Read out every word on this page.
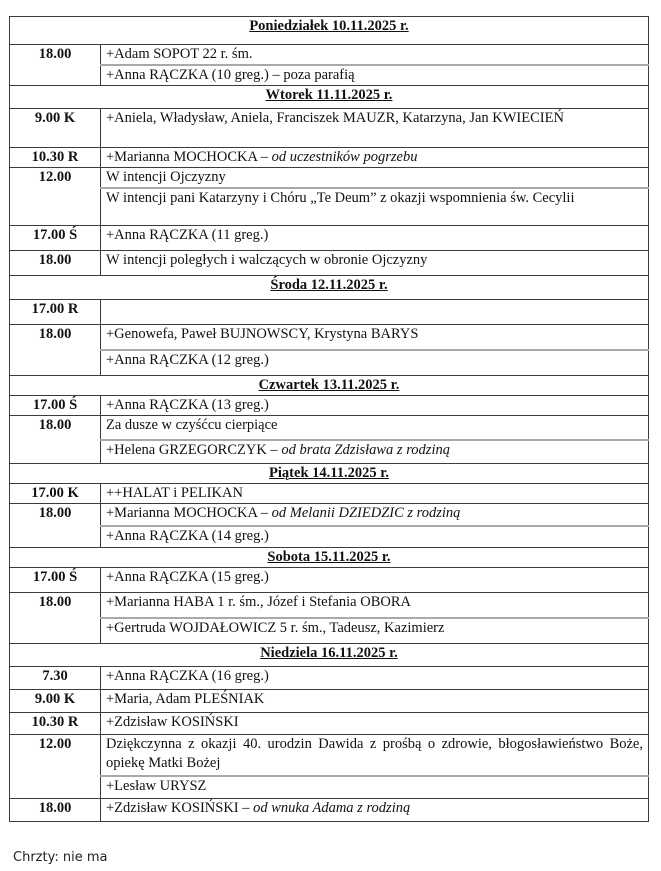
Poniedziałek 10.11.2025 r.	
18.00	+Adam SOPOT 22 r. śm.
	+Anna RĄCZKA (10 greg.) – poza parafią
Wtorek 11.11.2025 r.	
9.00 K	+Aniela, Władysław, Aniela, Franciszek MAUZR, Katarzyna, Jan KWIECIEŃ
10.30 R	+Marianna MOCHOCKA – od uczestników pogrzebu
12.00	W intencji Ojczyzny
	W intencji pani Katarzyny i Chóru „Te Deum” z okazji wspomnienia św. Cecylii
17.00 Ś	+Anna RĄCZKA (11 greg.)
18.00	W intencji poległych i walczących w obronie Ojczyzny
Środa 12.11.2025 r.	
17.00 R	
18.00	+Genowefa, Paweł BUJNOWSCY, Krystyna BARYS
	+Anna RĄCZKA (12 greg.)
Czwartek 13.11.2025 r.	
17.00 Ś	+Anna RĄCZKA (13 greg.)
18.00	Za dusze w czyśćcu cierpiące
	+Helena GRZEGORCZYK – od brata Zdzisława z rodziną
Piątek 14.11.2025 r.	
17.00 K	++HALAT i PELIKAN
18.00	+Marianna MOCHOCKA – od Melanii DZIEDZIC z rodziną
	+Anna RĄCZKA (14 greg.)
Sobota 15.11.2025 r.	
17.00 Ś	+Anna RĄCZKA (15 greg.)
18.00	+Marianna HABA 1 r. śm., Józef i Stefania OBORA
	+Gertruda WOJDAŁOWICZ 5 r. śm., Tadeusz, Kazimierz
Niedziela 16.11.2025 r.	
7.30	+Anna RĄCZKA (16 greg.)
9.00 K	+Maria, Adam PLEŚNIAK
10.30 R	+Zdzisław KOSIŃSKI
12.00	Dziękczynna z okazji 40. urodzin Dawida z prośbą o zdrowie, błogosławieństwo Boże, opiekę Matki Bożej
	+Lesław URYSZ
18.00	+Zdzisław KOSIŃSKI – od wnuka Adama z rodziną
Chrzty: nie ma
